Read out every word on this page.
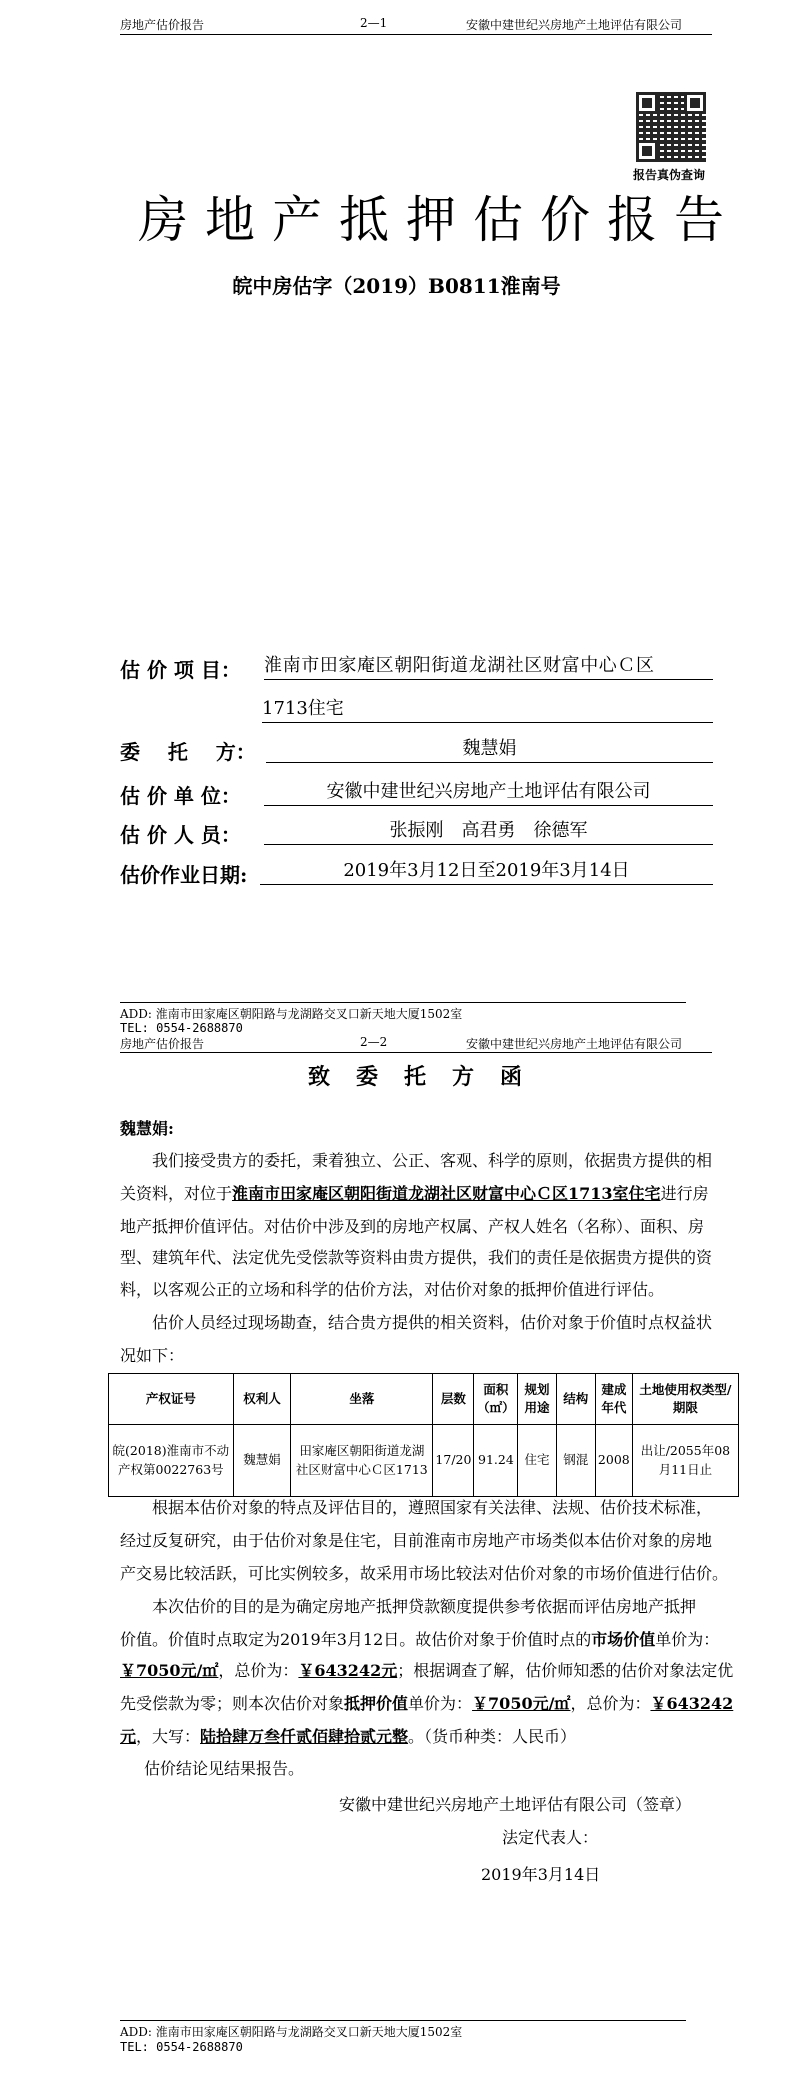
房地产估价报告	2—1	安徽中建世纪兴房地产土地评估有限公司
报告真伪查询
房地产抵押估价报告
皖中房估字（2019）B0811淮南号
估 价 项 目： 淮南市田家庵区朝阳街道龙湖社区财富中心Ｃ区
1713住宅
委    托    方：	魏慧娟
估 价 单 位：	安徽中建世纪兴房地产土地评估有限公司
估 价 人 员：	张振刚　高君勇　徐德军
估价作业日期:	2019年3月12日至2019年3月14日
ADD: 淮南市田家庵区朝阳路与龙湖路交叉口新天地大厦1502室
TEL: 0554-2688870
房地产估价报告	2—2	安徽中建世纪兴房地产土地评估有限公司
致委托方函
魏慧娟:
我们接受贵方的委托，秉着独立、公正、客观、科学的原则，依据贵方提供的相
关资料，对位于淮南市田家庵区朝阳街道龙湖社区财富中心Ｃ区1713室住宅进行房
地产抵押价值评估。对估价中涉及到的房地产权属、产权人姓名（名称）、面积、房
型、建筑年代、法定优先受偿款等资料由贵方提供，我们的责任是依据贵方提供的资
料，以客观公正的立场和科学的估价方法，对估价对象的抵押价值进行评估。
估价人员经过现场勘查，结合贵方提供的相关资料，估价对象于价值时点权益状
况如下：
产权证号	权利人	坐落	层数	面积（㎡）	规划用途	结构	建成年代	土地使用权类型/期限
皖(2018)淮南市不动产权第0022763号	魏慧娟	田家庵区朝阳街道龙湖社区财富中心Ｃ区1713	17/20	91.24	住宅	钢混	2008	出让/2055年08月11日止
根据本估价对象的特点及评估目的，遵照国家有关法律、法规、估价技术标准，
经过反复研究，由于估价对象是住宅，目前淮南市房地产市场类似本估价对象的房地
产交易比较活跃，可比实例较多，故采用市场比较法对估价对象的市场价值进行估价。
本次估价的目的是为确定房地产抵押贷款额度提供参考依据而评估房地产抵押
价值。价值时点取定为2019年3月12日。故估价对象于价值时点的市场价值单价为：
￥7050元/㎡，总价为：￥643242元；根据调查了解，估价师知悉的估价对象法定优
先受偿款为零；则本次估价对象抵押价值单价为：￥7050元/㎡，总价为：￥643242
元，大写：陆拾肆万叁仟贰佰肆拾贰元整。（货币种类：人民币）
估价结论见结果报告。
安徽中建世纪兴房地产土地评估有限公司（签章）
法定代表人：
2019年3月14日
ADD: 淮南市田家庵区朝阳路与龙湖路交叉口新天地大厦1502室
TEL: 0554-2688870
